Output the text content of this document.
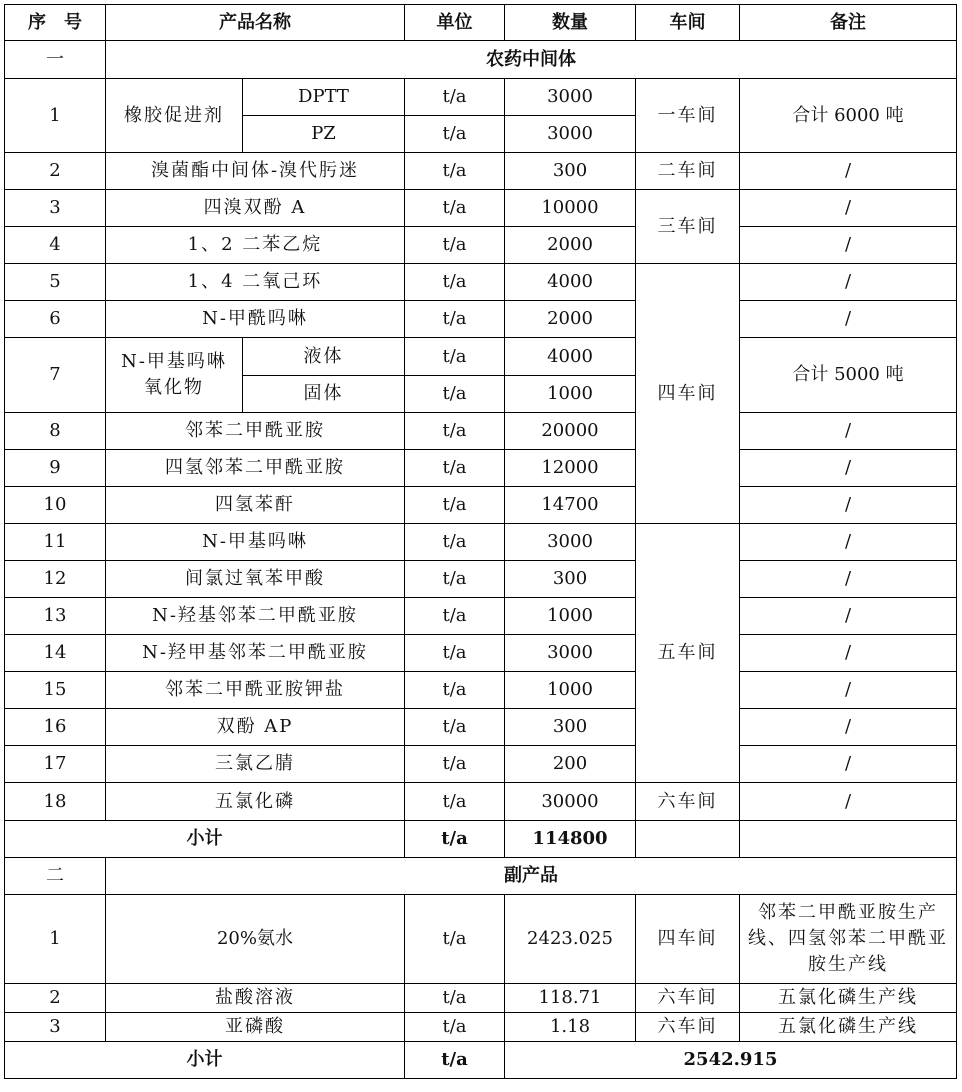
序　号	产品名称		单位	数量	车间	备注
一	农药中间体					
1	橡胶促进剂	DPTT	t/a	3000	一车间	合计 6000 吨
		PZ	t/a	3000		
2	溴菌酯中间体-溴代肟迷		t/a	300	二车间	/
3	四溴双酚 A		t/a	10000	三车间	/
4	1、2 二苯乙烷		t/a	2000		/
5	1、4 二氧己环		t/a	4000	四车间	/
6	N-甲酰吗啉		t/a	2000		/
7	N-甲基吗啉氧化物	液体	t/a	4000		合计 5000 吨
		固体	t/a	1000		
8	邻苯二甲酰亚胺		t/a	20000		/
9	四氢邻苯二甲酰亚胺		t/a	12000		/
10	四氢苯酐		t/a	14700		/
11	N-甲基吗啉		t/a	3000	五车间	/
12	间氯过氧苯甲酸		t/a	300		/
13	N-羟基邻苯二甲酰亚胺		t/a	1000		/
14	N-羟甲基邻苯二甲酰亚胺		t/a	3000		/
15	邻苯二甲酰亚胺钾盐		t/a	1000		/
16	双酚 AP		t/a	300		/
17	三氯乙腈		t/a	200		/
18	五氯化磷		t/a	30000	六车间	/
小计			t/a	114800		
二	副产品					
1	20%氨水		t/a	2423.025	四车间	邻苯二甲酰亚胺生产线、四氢邻苯二甲酰亚胺生产线
2	盐酸溶液		t/a	118.71	六车间	五氯化磷生产线
3	亚磷酸		t/a	1.18	六车间	五氯化磷生产线
小计			t/a	2542.915		
